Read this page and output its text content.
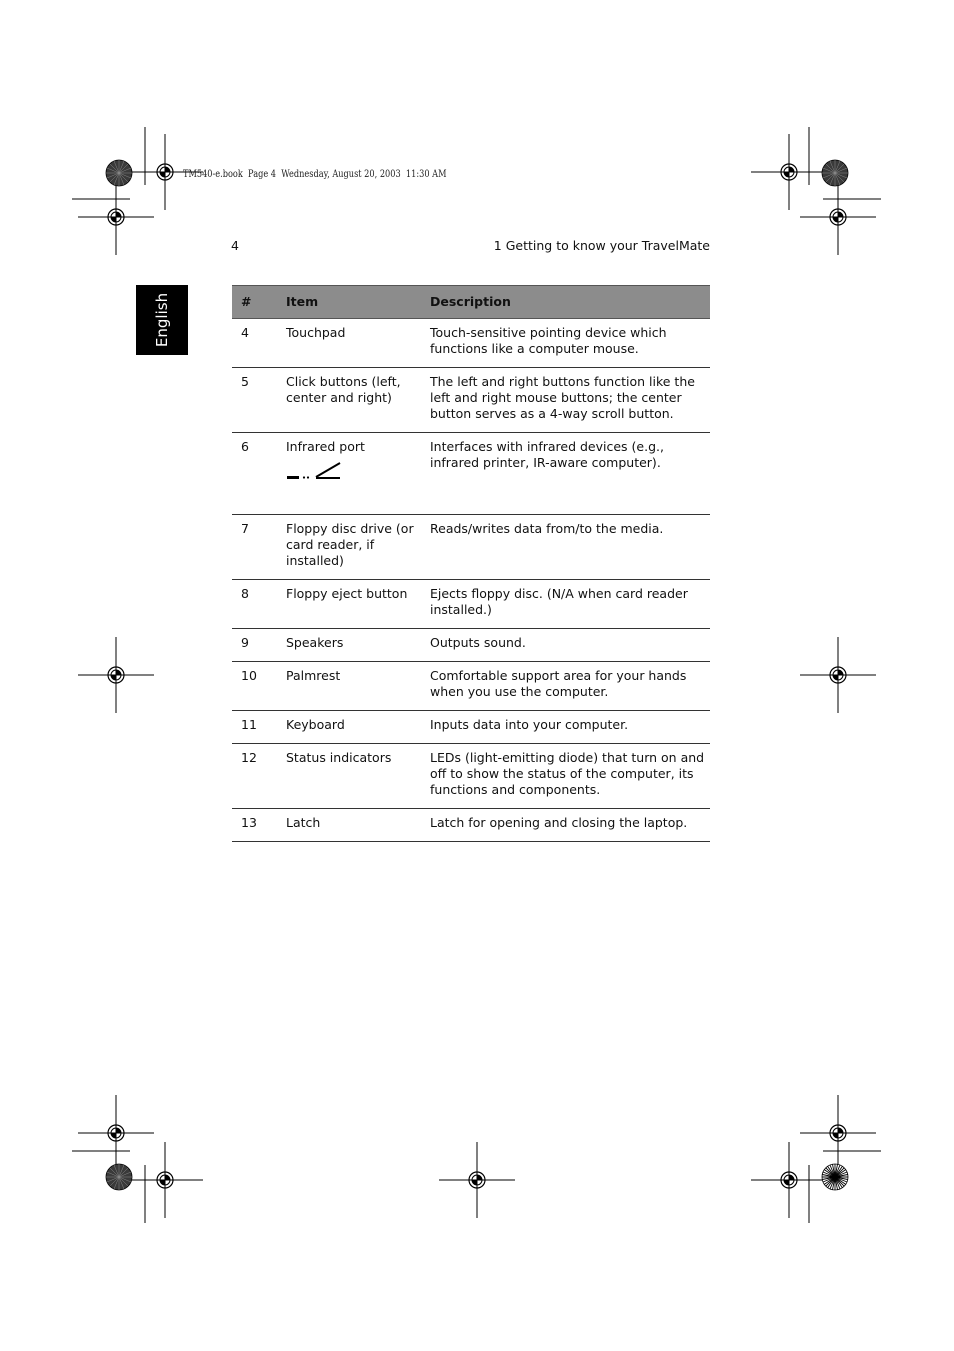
TM540-e.book Page 4 Wednesday, August 20, 2003 11:30 AM
4	1 Getting to know your TravelMate
English	#	Item	Description
4	Touchpad	Touch-sensitive pointing device which functions like a computer mouse.
5	Click buttons (left, center and right)	The left and right buttons function like the left and right mouse buttons; the center button serves as a 4-way scroll button.
6	Infrared port	Interfaces with infrared devices (e.g., infrared printer, IR-aware computer).
7	Floppy disc drive (or card reader, if installed)	Reads/writes data from/to the media.
8	Floppy eject button	Ejects floppy disc. (N/A when card reader installed.)
9	Speakers	Outputs sound.
10	Palmrest	Comfortable support area for your hands when you use the computer.
11	Keyboard	Inputs data into your computer.
12	Status indicators	LEDs (light-emitting diode) that turn on and off to show the status of the computer, its functions and components.
13	Latch	Latch for opening and closing the laptop.
